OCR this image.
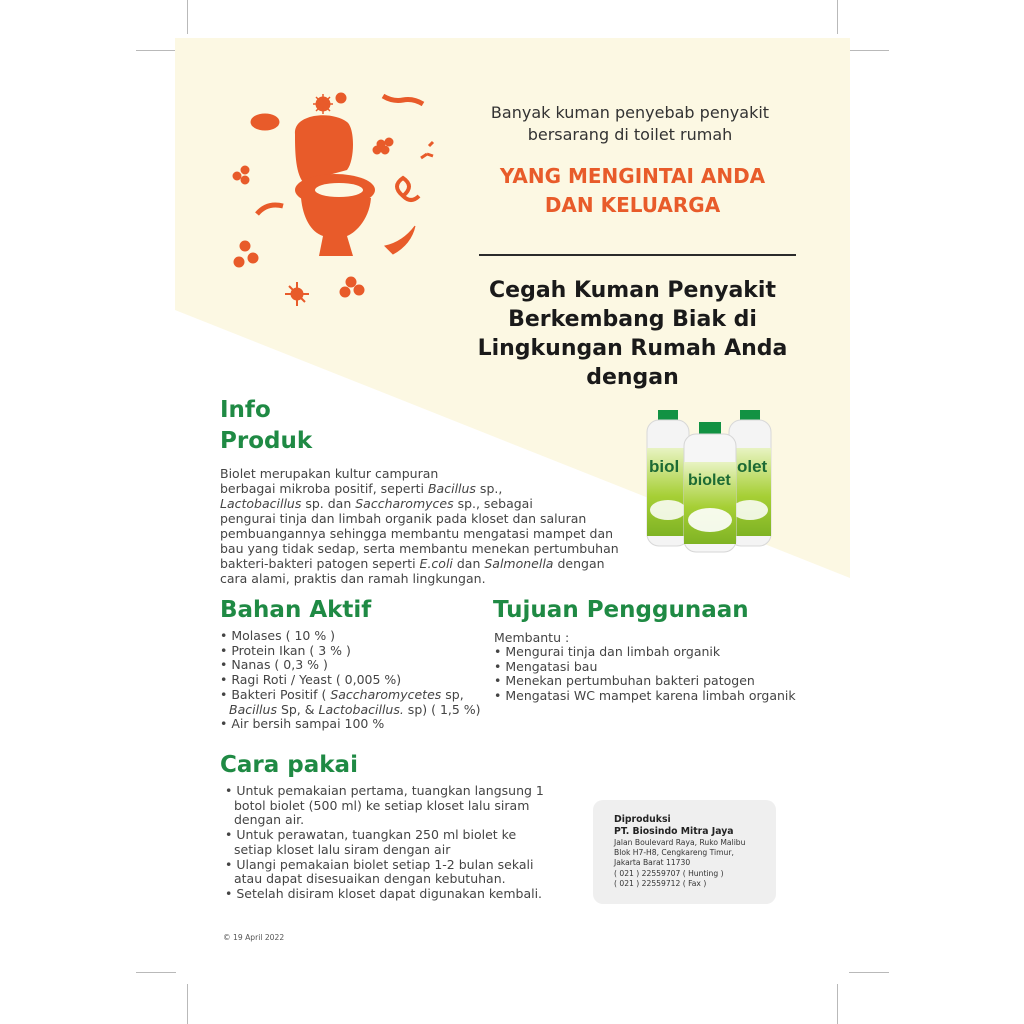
Banyak kuman penyebab penyakit
bersarang di toilet rumah
YANG MENGINTAI ANDA
DAN KELUARGA
Cegah Kuman Penyakit
Berkembang Biak di
Lingkungan Rumah Anda
dengan
biol	olet
biolet
Info
Produk
Biolet merupakan kultur campuran
berbagai mikroba positif, seperti Bacillus sp.,
Lactobacillus sp. dan Saccharomyces sp., sebagai
pengurai tinja dan limbah organik pada kloset dan saluran
pembuangannya sehingga membantu mengatasi mampet dan
bau yang tidak sedap, serta membantu menekan pertumbuhan
bakteri-bakteri patogen seperti E.coli dan Salmonella dengan
cara alami, praktis dan ramah lingkungan.
Bahan Aktif
• Molases ( 10 % )
• Protein Ikan ( 3 % )
• Nanas ( 0,3 % )
• Ragi Roti / Yeast ( 0,005 %)
• Bakteri Positif ( Saccharomycetes sp,
Bacillus Sp, & Lactobacillus. sp) ( 1,5 %)
• Air bersih sampai 100 %
Tujuan Penggunaan
Membantu :
• Mengurai tinja dan limbah organik
• Mengatasi bau
• Menekan pertumbuhan bakteri patogen
• Mengatasi WC mampet karena limbah organik
Cara pakai
• Untuk pemakaian pertama, tuangkan langsung 1 botol biolet (500 ml) ke setiap kloset lalu siram dengan air.
• Untuk perawatan, tuangkan 250 ml biolet ke setiap kloset lalu siram dengan air
• Ulangi pemakaian biolet setiap 1-2 bulan sekali atau dapat disesuaikan dengan kebutuhan.
• Setelah disiram kloset dapat digunakan kembali.
Diproduksi
PT. Biosindo Mitra Jaya
Jalan Boulevard Raya, Ruko Malibu
Blok H7-H8, Cengkareng Timur,
Jakarta Barat 11730
( 021 ) 22559707 ( Hunting )
( 021 ) 22559712 ( Fax )
© 19 April 2022
